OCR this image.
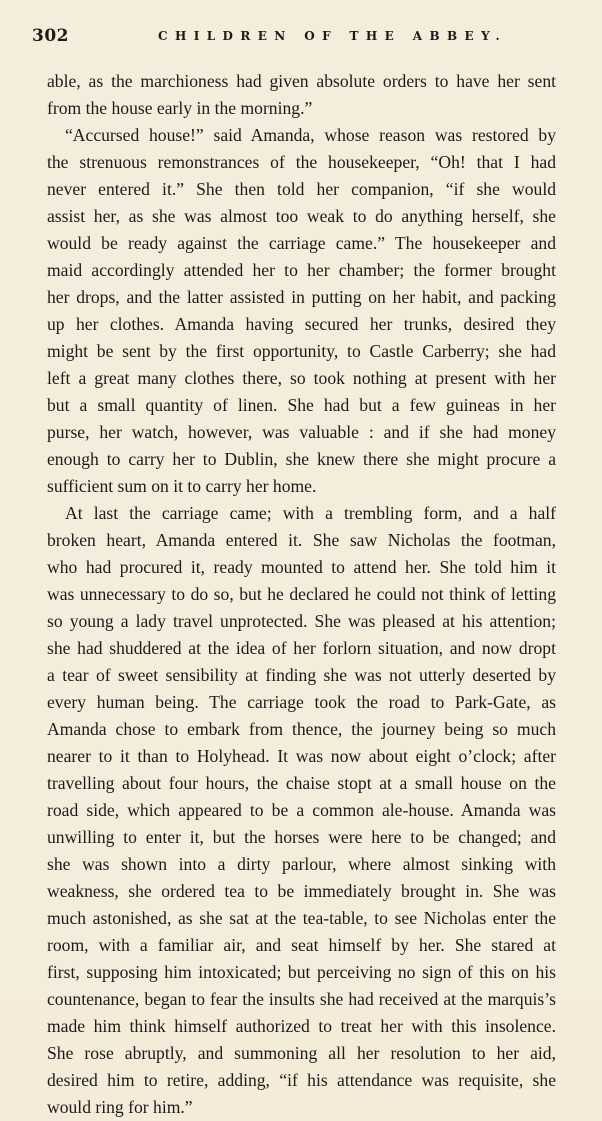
302	CHILDREN OF THE ABBEY.
able, as the marchioness had given absolute orders to have her sent
from the house early in the morning.”
“Accursed house!” said Amanda, whose reason was restored by
the strenuous remonstrances of the housekeeper, “Oh! that I had
never entered it.” She then told her companion, “if she would
assist her, as she was almost too weak to do anything herself, she
would be ready against the carriage came.” The housekeeper and
maid accordingly attended her to her chamber; the former brought
her drops, and the latter assisted in putting on her habit, and packing
up her clothes. Amanda having secured her trunks, desired they
might be sent by the first opportunity, to Castle Carberry; she had
left a great many clothes there, so took nothing at present with her
but a small quantity of linen. She had but a few guineas in her
purse, her watch, however, was valuable : and if she had money
enough to carry her to Dublin, she knew there she might procure a
sufficient sum on it to carry her home.
At last the carriage came; with a trembling form, and a half
broken heart, Amanda entered it. She saw Nicholas the footman,
who had procured it, ready mounted to attend her. She told him it
was unnecessary to do so, but he declared he could not think of letting
so young a lady travel unprotected. She was pleased at his attention;
she had shuddered at the idea of her forlorn situation, and now dropt
a tear of sweet sensibility at finding she was not utterly deserted by
every human being. The carriage took the road to Park-Gate, as
Amanda chose to embark from thence, the journey being so much
nearer to it than to Holyhead. It was now about eight o’clock; after
travelling about four hours, the chaise stopt at a small house on the
road side, which appeared to be a common ale-house. Amanda was
unwilling to enter it, but the horses were here to be changed; and
she was shown into a dirty parlour, where almost sinking with
weakness, she ordered tea to be immediately brought in. She was
much astonished, as she sat at the tea-table, to see Nicholas enter the
room, with a familiar air, and seat himself by her. She stared at
first, supposing him intoxicated; but perceiving no sign of this on his
countenance, began to fear the insults she had received at the marquis’s
made him think himself authorized to treat her with this insolence.
She rose abruptly, and summoning all her resolution to her aid,
desired him to retire, adding, “if his attendance was requisite, she
would ring for him.”
